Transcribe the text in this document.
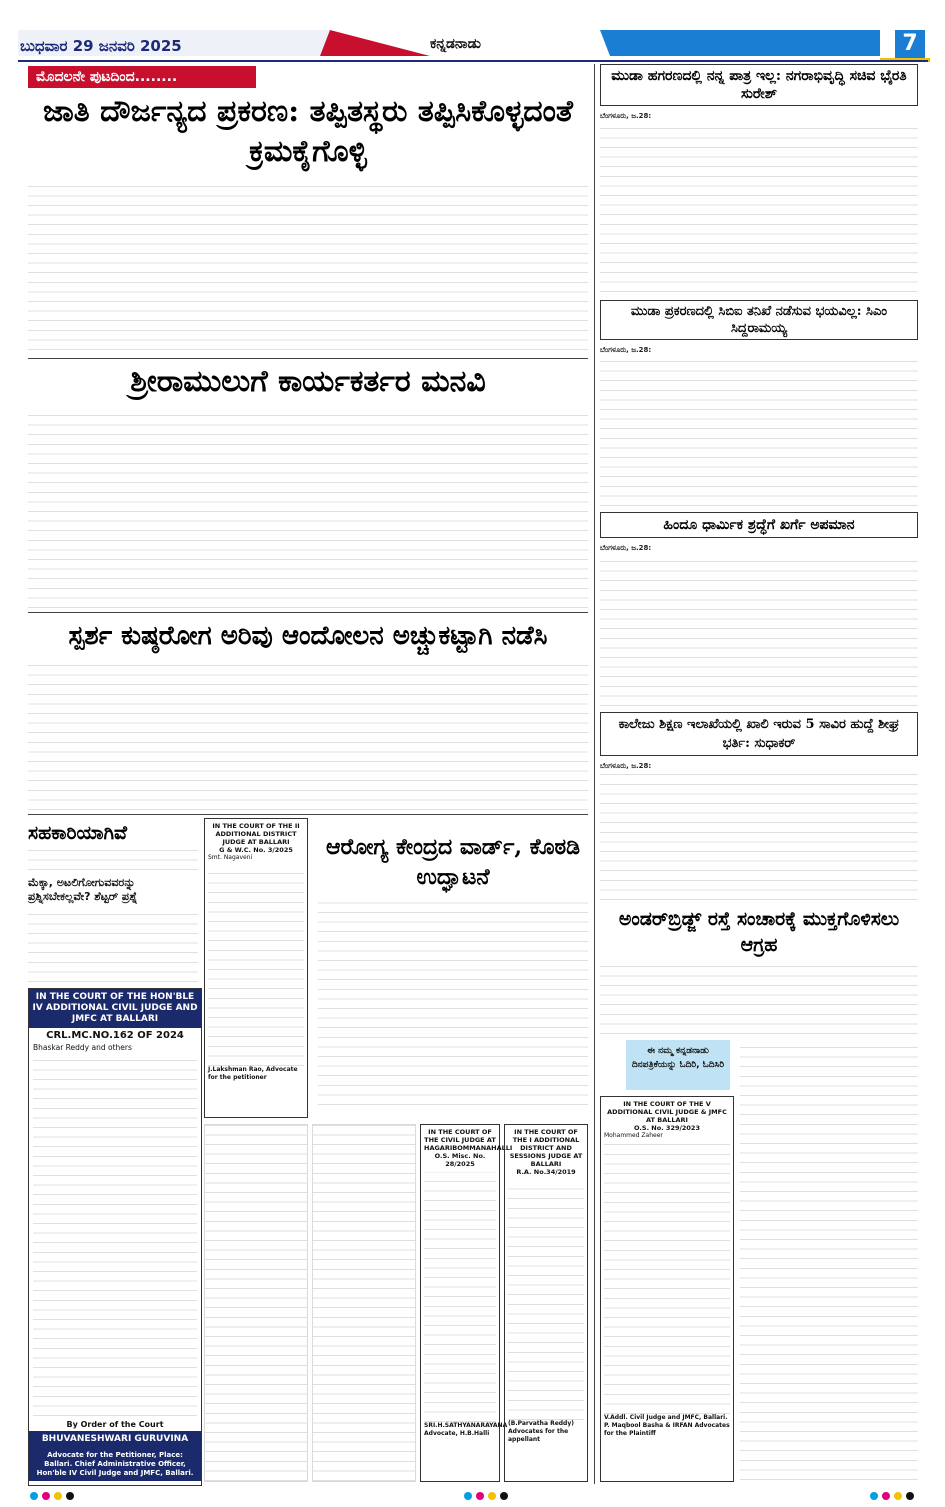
ಬುಧವಾರ 29 ಜನವರಿ 2025	ಕನ್ನಡನಾಡು	7
ಮೊದಲನೇ ಪುಟದಿಂದ........
ಜಾತಿ ದೌರ್ಜನ್ಯದ ಪ್ರಕರಣ: ತಪ್ಪಿತಸ್ಥರು ತಪ್ಪಿಸಿಕೊಳ್ಳದಂತೆ ಕ್ರಮಕೈಗೊಳ್ಳಿ
ಶ್ರೀರಾಮುಲುಗೆ ಕಾರ್ಯಕರ್ತರ ಮನವಿ
ಸ್ಪರ್ಶ ಕುಷ್ಠರೋಗ ಅರಿವು ಆಂದೋಲನ ಅಚ್ಚುಕಟ್ಟಾಗಿ ನಡೆಸಿ
ಸಹಕಾರಿಯಾಗಿವೆ
ಮೆಕ್ಕಾ, ಅಟಲಿಗೋಗುವವರನ್ನು ಪ್ರಶ್ನಿಸಬೇಕಲ್ಲವೇ? ಶೆಟ್ಟರ್ ಪ್ರಶ್ನೆ
IN THE COURT OF THE HON'BLE IV ADDITIONAL CIVIL JUDGE AND JMFC AT BALLARI
CRL.MC.NO.162 OF 2024
Bhaskar Reddy and others
By Order of the Court
BHUVANESHWARI GURUVINA
Advocate for the Petitioner, Place: Ballari. Chief Administrative Officer, Hon'ble IV Civil Judge and JMFC, Ballari.
IN THE COURT OF THE II ADDITIONAL DISTRICT JUDGE AT BALLARI
G & W.C. No. 3/2025
Smt. Nagaveni
J.Lakshman Rao, Advocate for the petitioner
ಆರೋಗ್ಯ ಕೇಂದ್ರದ ವಾರ್ಡ್, ಕೊಠಡಿ ಉದ್ಘಾಟನೆ
IN THE COURT OF THE CIVIL JUDGE AT HAGARIBOMMANAHALLI
O.S. Misc. No. 28/2025
SRI.H.SATHYANARAYANA Advocate, H.B.Halli
IN THE COURT OF THE I ADDITIONAL DISTRICT AND SESSIONS JUDGE AT BALLARI
R.A. No.34/2019
(B.Parvatha Reddy) Advocates for the appellant
ಮುಡಾ ಹಗರಣದಲ್ಲಿ ನನ್ನ ಪಾತ್ರ ಇಲ್ಲ: ನಗರಾಭಿವೃದ್ಧಿ ಸಚಿವ ಭೈರತಿ ಸುರೇಶ್
ಬೆಂಗಳೂರು, ಜ.28:
ಮುಡಾ ಪ್ರಕರಣದಲ್ಲಿ ಸಿಬಿಐ ತನಿಖೆ ನಡೆಸುವ ಭಯವಿಲ್ಲ: ಸಿಎಂ ಸಿದ್ದರಾಮಯ್ಯ
ಬೆಂಗಳೂರು, ಜ.28:
ಹಿಂದೂ ಧಾರ್ಮಿಕ ಶ್ರದ್ಧೆಗೆ ಖರ್ಗೆ ಅಪಮಾನ
ಬೆಂಗಳೂರು, ಜ.28:
ಕಾಲೇಜು ಶಿಕ್ಷಣ ಇಲಾಖೆಯಲ್ಲಿ ಖಾಲಿ ಇರುವ 5 ಸಾವಿರ ಹುದ್ದೆ ಶೀಘ್ರ ಭರ್ತಿ: ಸುಧಾಕರ್
ಬೆಂಗಳೂರು, ಜ.28:
ಅಂಡರ್‌ಬ್ರಿಡ್ಜ್ ರಸ್ತೆ ಸಂಚಾರಕ್ಕೆ ಮುಕ್ತಗೊಳಿಸಲು ಆಗ್ರಹ
ಈ ನಮ್ಮ ಕನ್ನಡನಾಡು ದಿನಪತ್ರಿಕೆಯನ್ನು ಓದಿರಿ, ಓದಿಸಿರಿ
IN THE COURT OF THE V ADDITIONAL CIVIL JUDGE & JMFC AT BALLARI
O.S. No. 329/2023
Mohammed Zaheer
V.Addl. Civil Judge and JMFC, Ballari. P. Maqbool Basha & IRFAN Advocates for the Plaintiff
